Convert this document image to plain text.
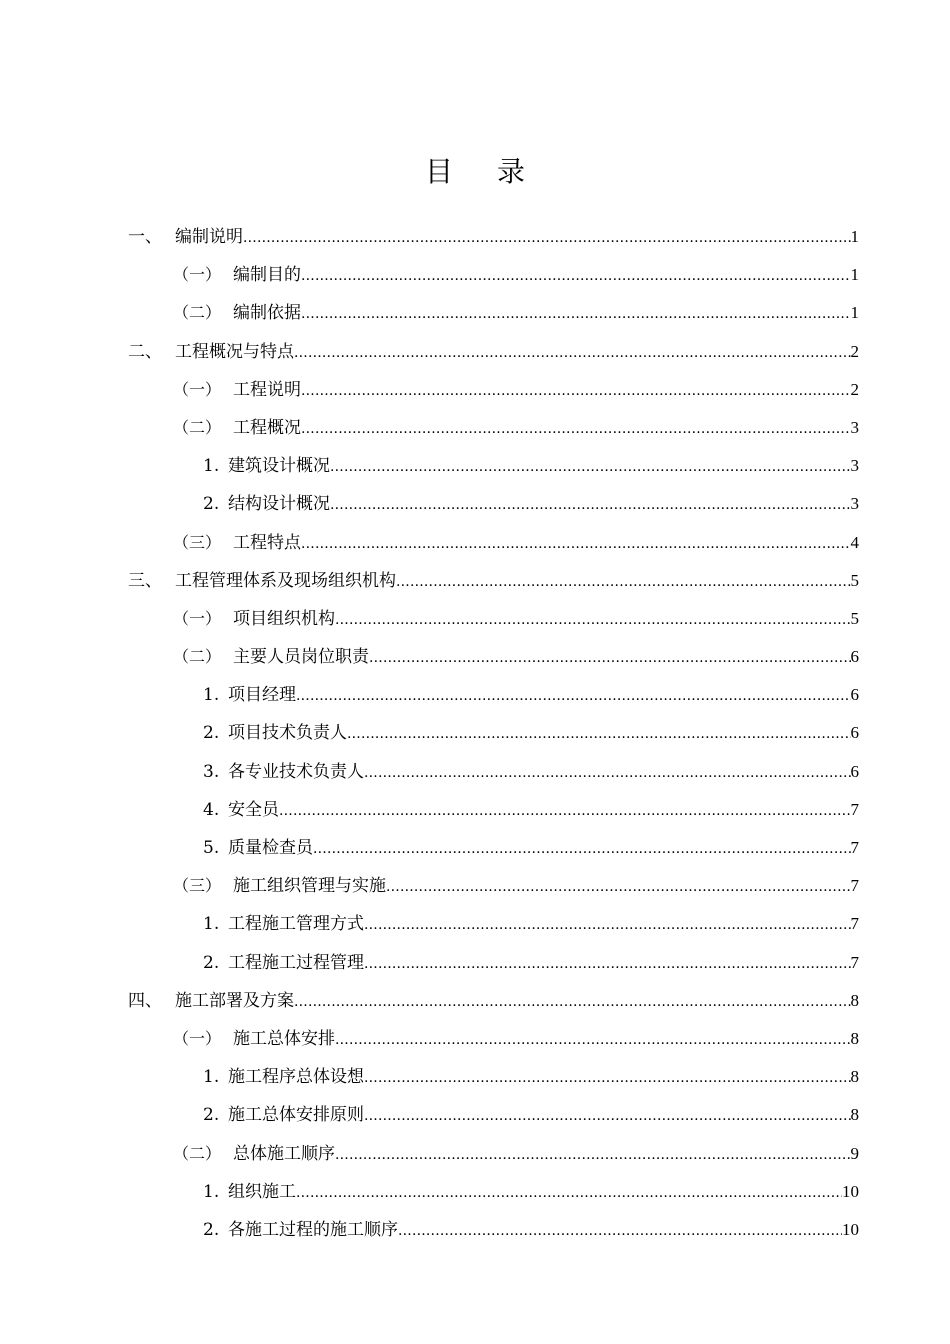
目 录
一、 编制说明 .....	1
（一） 编制目的 .....	1
（二） 编制依据 .....	1
二、 工程概况与特点 .....	2
（一） 工程说明 .....	2
（二） 工程概况 .....	3
1. 建筑设计概况 .....	3
2. 结构设计概况 .....	3
（三） 工程特点 .....	4
三、 工程管理体系及现场组织机构 .....	5
（一） 项目组织机构 .....	5
（二） 主要人员岗位职责 .....	6
1. 项目经理 .....	6
2. 项目技术负责人 .....	6
3. 各专业技术负责人 .....	6
4. 安全员 .....	7
5. 质量检查员 .....	7
（三） 施工组织管理与实施 .....	7
1. 工程施工管理方式 .....	7
2. 工程施工过程管理 .....	7
四、 施工部署及方案 .....	8
（一） 施工总体安排 .....	8
1. 施工程序总体设想 .....	8
2. 施工总体安排原则 .....	8
（二） 总体施工顺序 .....	9
1. 组织施工 .....	10
2. 各施工过程的施工顺序 .....	10
